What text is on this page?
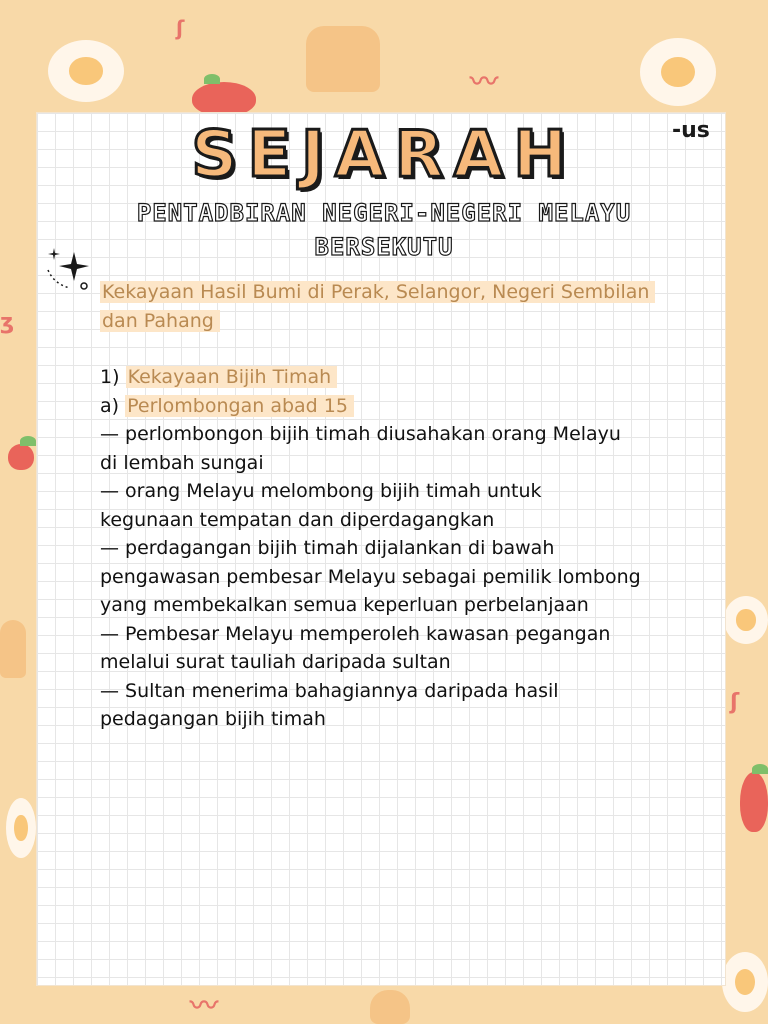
〰
ʃ
ʒ
〰
ʃ
SEJARAH	-us
PENTADBIRAN NEGERI-NEGERI MELAYU
BERSEKUTU
Kekayaan Hasil Bumi di Perak, Selangor, Negeri Sembilan
dan Pahang
1) Kekayaan Bijih Timah
a) Perlombongan abad 15
— perlombongon bijih timah diusahakan orang Melayu
di lembah sungai
— orang Melayu melombong bijih timah untuk
kegunaan tempatan dan diperdagangkan
— perdagangan bijih timah dijalankan di bawah
pengawasan pembesar Melayu sebagai pemilik lombong
yang membekalkan semua keperluan perbelanjaan
— Pembesar Melayu memperoleh kawasan pegangan
melalui surat tauliah daripada sultan
— Sultan menerima bahagiannya daripada hasil
pedagangan bijih timah
